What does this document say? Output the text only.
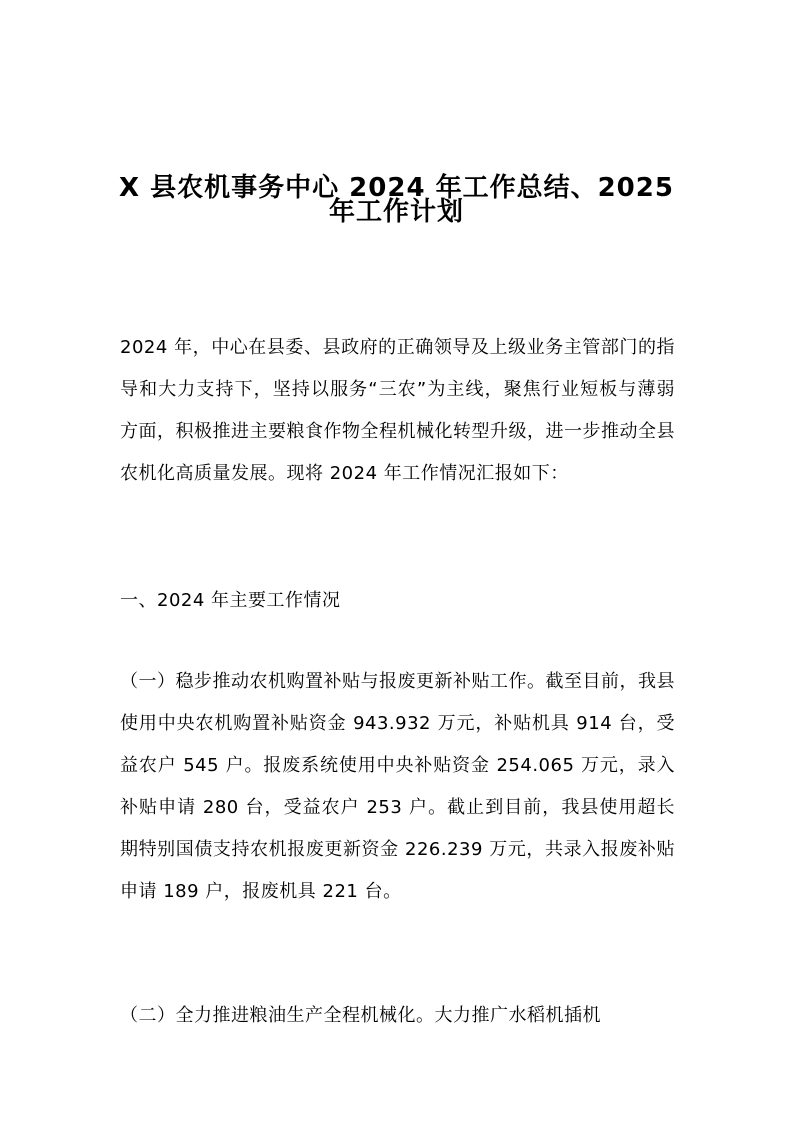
X 县农机事务中心 2024 年工作总结、2025
年工作计划

2024 年，中心在县委、县政府的正确领导及上级业务主管部门的指导和大力支持下，坚持以服务“三农”为主线，聚焦行业短板与薄弱方面，积极推进主要粮食作物全程机械化转型升级，进一步推动全县农机化高质量发展。现将 2024 年工作情况汇报如下：

一、2024 年主要工作情况

（一）稳步推动农机购置补贴与报废更新补贴工作。截至目前，我县使用中央农机购置补贴资金 943.932 万元，补贴机具 914 台，受益农户 545 户。报废系统使用中央补贴资金 254.065 万元，录入补贴申请 280 台，受益农户 253 户。截止到目前，我县使用超长期特别国债支持农机报废更新资金 226.239 万元，共录入报废补贴申请 189 户，报废机具 221 台。

（二）全力推进粮油生产全程机械化。大力推广水稻机插机
